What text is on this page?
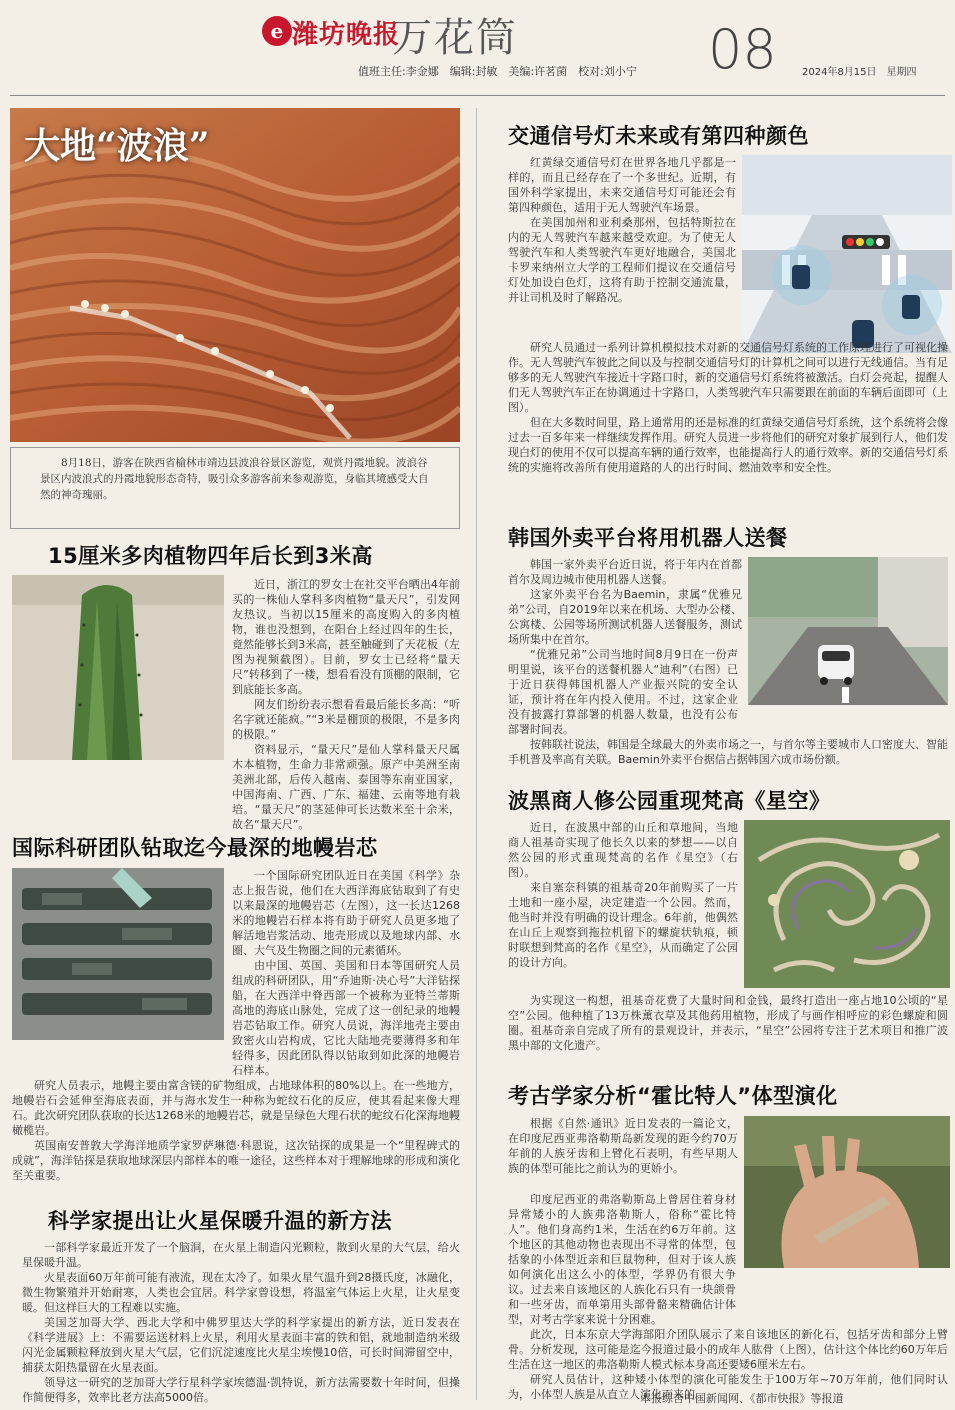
e 潍坊晚报
万花筒	08
值班主任:李金娜　编辑:封敏　美编:许茗菌　校对:刘小宁	2024年8月15日　星期四
大地“波浪”
8月18日，游客在陕西省榆林市靖边县波浪谷景区游览，观赏丹霞地貌。波浪谷景区内波浪式的丹霞地貌形态奇特，吸引众多游客前来参观游览，身临其境感受大自然的神奇瑰丽。
15厘米多肉植物四年后长到3米高

近日，浙江的罗女士在社交平台晒出4年前买的一株仙人掌科多肉植物“量天尺”，引发网友热议。当初以15厘米的高度购入的多肉植物，谁也没想到，在阳台上经过四年的生长，竟然能够长到3米高，甚至触碰到了天花板（左图为视频截图）。目前，罗女士已经将“量天尺”转移到了一楼，想看看没有顶棚的限制，它到底能长多高。

网友们纷纷表示想看看最后能长多高：“听名字就还能疯。”“3米是棚顶的极限，不是多肉的极限。”

资料显示，“量天尺”是仙人掌科量天尺属木本植物，生命力非常顽强。原产中美洲至南美洲北部，后传入越南、泰国等东南亚国家，中国海南、广西、广东、福建、云南等地有栽培。“量天尺”的茎延伸可长达数米至十余米，故名“量天尺”。

国际科研团队钻取迄今最深的地幔岩芯

一个国际研究团队近日在美国《科学》杂志上报告说，他们在大西洋海底钻取到了有史以来最深的地幔岩芯（左图），这一长达1268米的地幔岩石样本将有助于研究人员更多地了解活地岩浆活动、地壳形成以及地球内部、水圈、大气及生物圈之间的元素循环。

由中国、英国、美国和日本等国研究人员组成的科研团队，用“乔迪斯·决心号”大洋钻探船，在大西洋中脊西部一个被称为亚特兰蒂斯高地的海底山脉处，完成了这一创纪录的地幔岩芯钻取工作。研究人员说，海洋地壳主要由致密火山岩构成，它比大陆地壳要薄得多和年轻得多，因此团队得以钻取到如此深的地幔岩石样本。

研究人员表示，地幔主要由富含镁的矿物组成，占地球体积的80%以上。在一些地方，地幔岩石会延伸至海底表面，并与海水发生一种称为蛇纹石化的反应，使其看起来像大理石。此次研究团队获取的长达1268米的地幔岩芯，就是呈绿色大理石状的蛇纹石化深海地幔橄榄岩。

英国南安普敦大学海洋地质学家罗萨琳德·科恩说，这次钻探的成果是一个“里程碑式的成就”，海洋钻探是获取地球深层内部样本的唯一途径，这些样本对于理解地球的形成和演化至关重要。

科学家提出让火星保暖升温的新方法

一部科学家最近开发了一个脑洞，在火星上制造闪光颗粒，散到火星的大气层，给火星保暖升温。

火星表面60万年前可能有液流，现在太冷了。如果火星气温升到28摄氏度，冰融化，微生物繁殖并开始耐寒，人类也会宜居。科学家曾设想，将温室气体运上火星，让火星变暖。但这样巨大的工程难以实施。

美国芝加哥大学、西北大学和中佛罗里达大学的科学家提出的新方法，近日发表在《科学进展》上：不需要运送材料上火星，利用火星表面丰富的铁和铝，就地制造纳米级闪光金属颗粒释放到火星大气层，它们沉淀速度比火星尘埃慢10倍，可长时间滞留空中，捕获太阳热量留在火星表面。

领导这一研究的芝加哥大学行星科学家埃德温·凯特说，新方法需要数十年时间，但操作简便得多，效率比老方法高5000倍。

交通信号灯未来或有第四种颜色

红黄绿交通信号灯在世界各地几乎都是一样的，而且已经存在了一个多世纪。近期，有国外科学家提出，未来交通信号灯可能还会有第四种颜色，适用于无人驾驶汽车场景。

在美国加州和亚利桑那州，包括特斯拉在内的无人驾驶汽车越来越受欢迎。为了使无人驾驶汽车和人类驾驶汽车更好地融合，美国北卡罗来纳州立大学的工程师们提议在交通信号灯处加设白色灯，这将有助于控制交通流量，并让司机及时了解路况。

研究人员通过一系列计算机模拟技术对新的交通信号灯系统的工作原理进行了可视化操作。无人驾驶汽车彼此之间以及与控制交通信号灯的计算机之间可以进行无线通信。当有足够多的无人驾驶汽车接近十字路口时，新的交通信号灯系统将被激活。白灯会亮起，提醒人们无人驾驶汽车正在协调通过十字路口，人类驾驶汽车只需要跟在前面的车辆后面即可（上图）。

但在大多数时间里，路上通常用的还是标准的红黄绿交通信号灯系统，这个系统将会像过去一百多年来一样继续发挥作用。研究人员进一步将他们的研究对象扩展到行人，他们发现白灯的使用不仅可以提高车辆的通行效率，也能提高行人的通行效率。新的交通信号灯系统的实施将改善所有使用道路的人的出行时间、燃油效率和安全性。

韩国外卖平台将用机器人送餐

韩国一家外卖平台近日说，将于年内在首都首尔及周边城市使用机器人送餐。

这家外卖平台名为Baemin，隶属“优雅兄弟”公司，自2019年以来在机场、大型办公楼、公寓楼、公园等场所测试机器人送餐服务，测试场所集中在首尔。

“优雅兄弟”公司当地时间8月9日在一份声明里说，该平台的送餐机器人“迪利”（右图）已于近日获得韩国机器人产业振兴院的安全认证，预计将在年内投入使用。不过，这家企业没有披露打算部署的机器人数量，也没有公布部署时间表。

按韩联社说法，韩国是全球最大的外卖市场之一，与首尔等主要城市人口密度大、智能手机普及率高有关联。Baemin外卖平台据信占据韩国六成市场份额。

波黑商人修公园重现梵高《星空》

近日，在波黑中部的山丘和草地间，当地商人祖基奇实现了他长久以来的梦想——以自然公园的形式重现梵高的名作《星空》（右图）。

来自塞奈科镇的祖基奇20年前购买了一片土地和一座小屋，决定建造一个公园。然而，他当时并没有明确的设计理念。6年前，他偶然在山丘上观察到拖拉机留下的螺旋状轨痕，顿时联想到梵高的名作《星空》，从而确定了公园的设计方向。

为实现这一构想，祖基奇花费了大量时间和金钱，最终打造出一座占地10公顷的“星空”公园。他种植了13万株薰衣草及其他药用植物，形成了与画作相呼应的彩色螺旋和圆圈。祖基奇亲自完成了所有的景观设计，并表示，“星空”公园将专注于艺术项目和推广波黑中部的文化遗产。

考古学家分析“霍比特人”体型演化

根据《自然·通讯》近日发表的一篇论文，在印度尼西亚弗洛勒斯岛新发现的距今约70万年前的人族牙齿和上臂化石表明，有些早期人族的体型可能比之前认为的更娇小。

印度尼西亚的弗洛勒斯岛上曾居住着身材异常矮小的人族弗洛勒斯人，俗称“霍比特人”。他们身高约1米，生活在约6万年前。这个地区的其他动物也表现出不寻常的体型，包括象的小体型近亲和巨鼠物种，但对于该人族如何演化出这么小的体型，学界仍有很大争议。过去来自该地区的人族化石只有一块颌骨和一些牙齿，而单第用头部骨骼来精确估计体型，对考古学家来说十分困难。

此次，日本东京大学海部阳介团队展示了来自该地区的新化石，包括牙齿和部分上臂骨。分析发现，这可能是迄今报道过最小的成年人肱骨（上图），估计这个体比约60万年后生活在这一地区的弗洛勒斯人模式标本身高还要矮6厘米左右。

研究人员估计，这种矮小体型的演化可能发生于100万年~70万年前，他们同时认为，小体型人族是从直立人演化而来的。

本报综合中国新闻网、《都市快报》等报道
